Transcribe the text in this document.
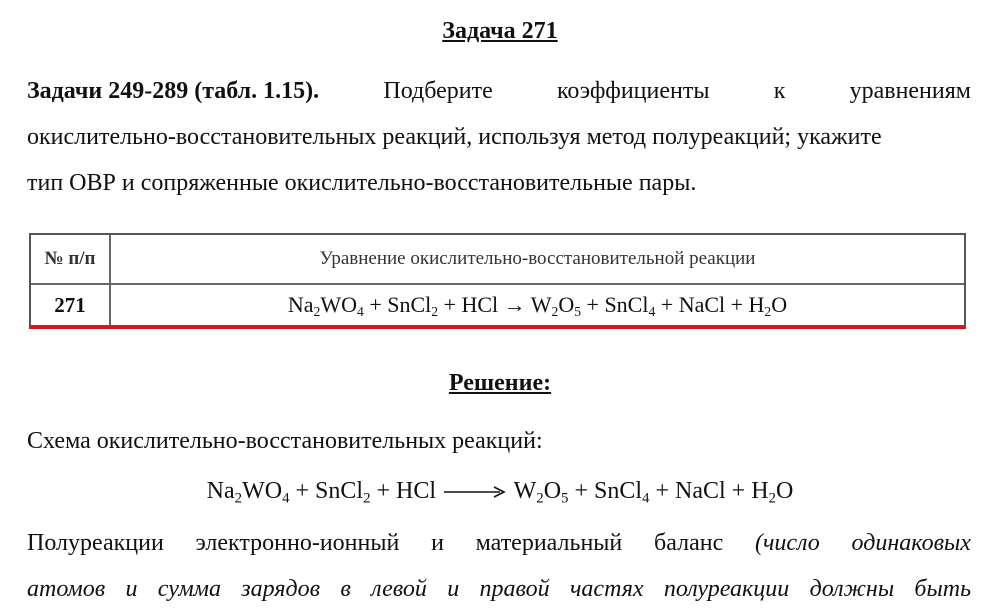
Задача 271
Задачи 249-289 (табл. 1.15).	Подберите	коэффициенты	к	уравнениям
окислительно-восстановительных реакций, используя метод полуреакций; укажите
тип ОВР и сопряженные окислительно-восстановительные пары.
№ п/п	Уравнение окислительно-восстановительной реакции
271	$Na_2WO_4$ + SnCl$_2$ + HCl → $W_2O_5$ + SnCl$_4$ + NaCl + $H_2O$
Решение:
Схема окислительно-восстановительных реакций:
$Na_2WO_4$ + SnCl$_2$ + HCl	$W_2O_5$ + SnCl$_4$ + NaCl + $H_2O$
Полуреакции электронно-ионный и материальный баланс (число одинаковых
атомов и сумма зарядов в левой и правой частях полуреакции должны быть
